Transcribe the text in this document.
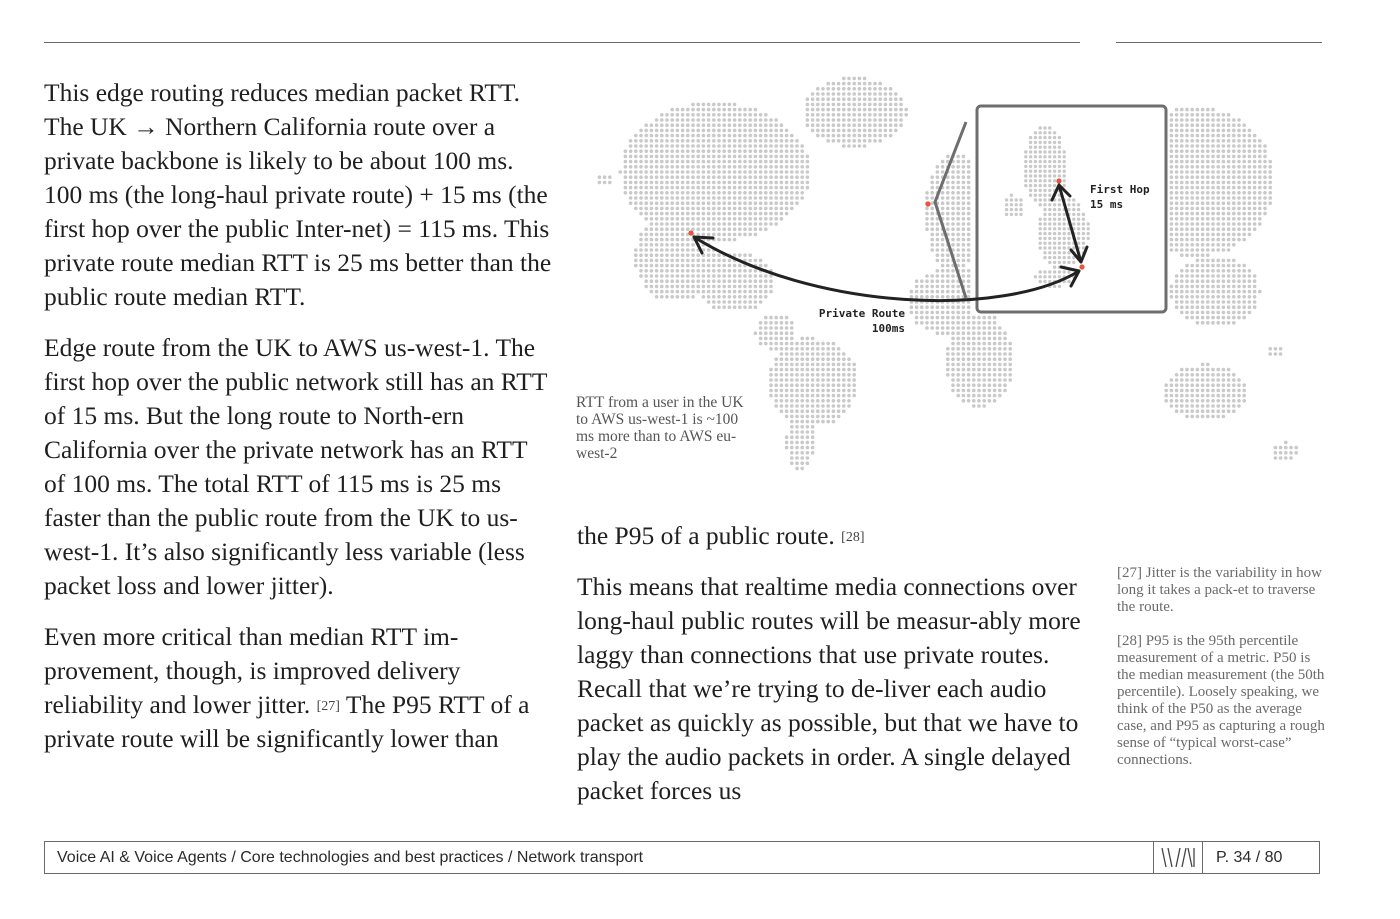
This edge routing reduces median packet RTT. The UK → Northern California route over a private backbone is likely to be about 100 ms. 100 ms (the long-haul private route) + 15 ms (the first hop over the public Inter-net) = 115 ms. This private route median RTT is 25 ms better than the public route median RTT.

Edge route from the UK to AWS us-west-1. The first hop over the public network still has an RTT of 15 ms. But the long route to North-ern California over the private network has an RTT of 100 ms. The total RTT of 115 ms is 25 ms faster than the public route from the UK to us-west-1. It’s also significantly less variable (less packet loss and lower jitter).

Even more critical than median RTT im-provement, though, is improved delivery reliability and lower jitter. [27] The P95 RTT of a private route will be significantly lower than

the P95 of a public route. [28]

This means that realtime media connections over long-haul public routes will be measur-ably more laggy than connections that use private routes. Recall that we’re trying to de-liver each audio packet as quickly as possible, but that we have to play the audio packets in order. A single delayed packet forces us

Private Route
100ms
First Hop
15 ms
RTT from a user in the UK to AWS us-west-1 is ~100 ms more than to AWS eu-west-2
[27] Jitter is the variability in how long it takes a pack-et to traverse the route.
[28] P95 is the 95th percentile measurement of a metric. P50 is the median measurement (the 50th percentile). Loosely speaking, we think of the P50 as the average case, and P95 as capturing a rough sense of “typical worst-case” connections.
Voice AI & Voice Agents / Core technologies and best practices / Network transport	P. 34 / 80
